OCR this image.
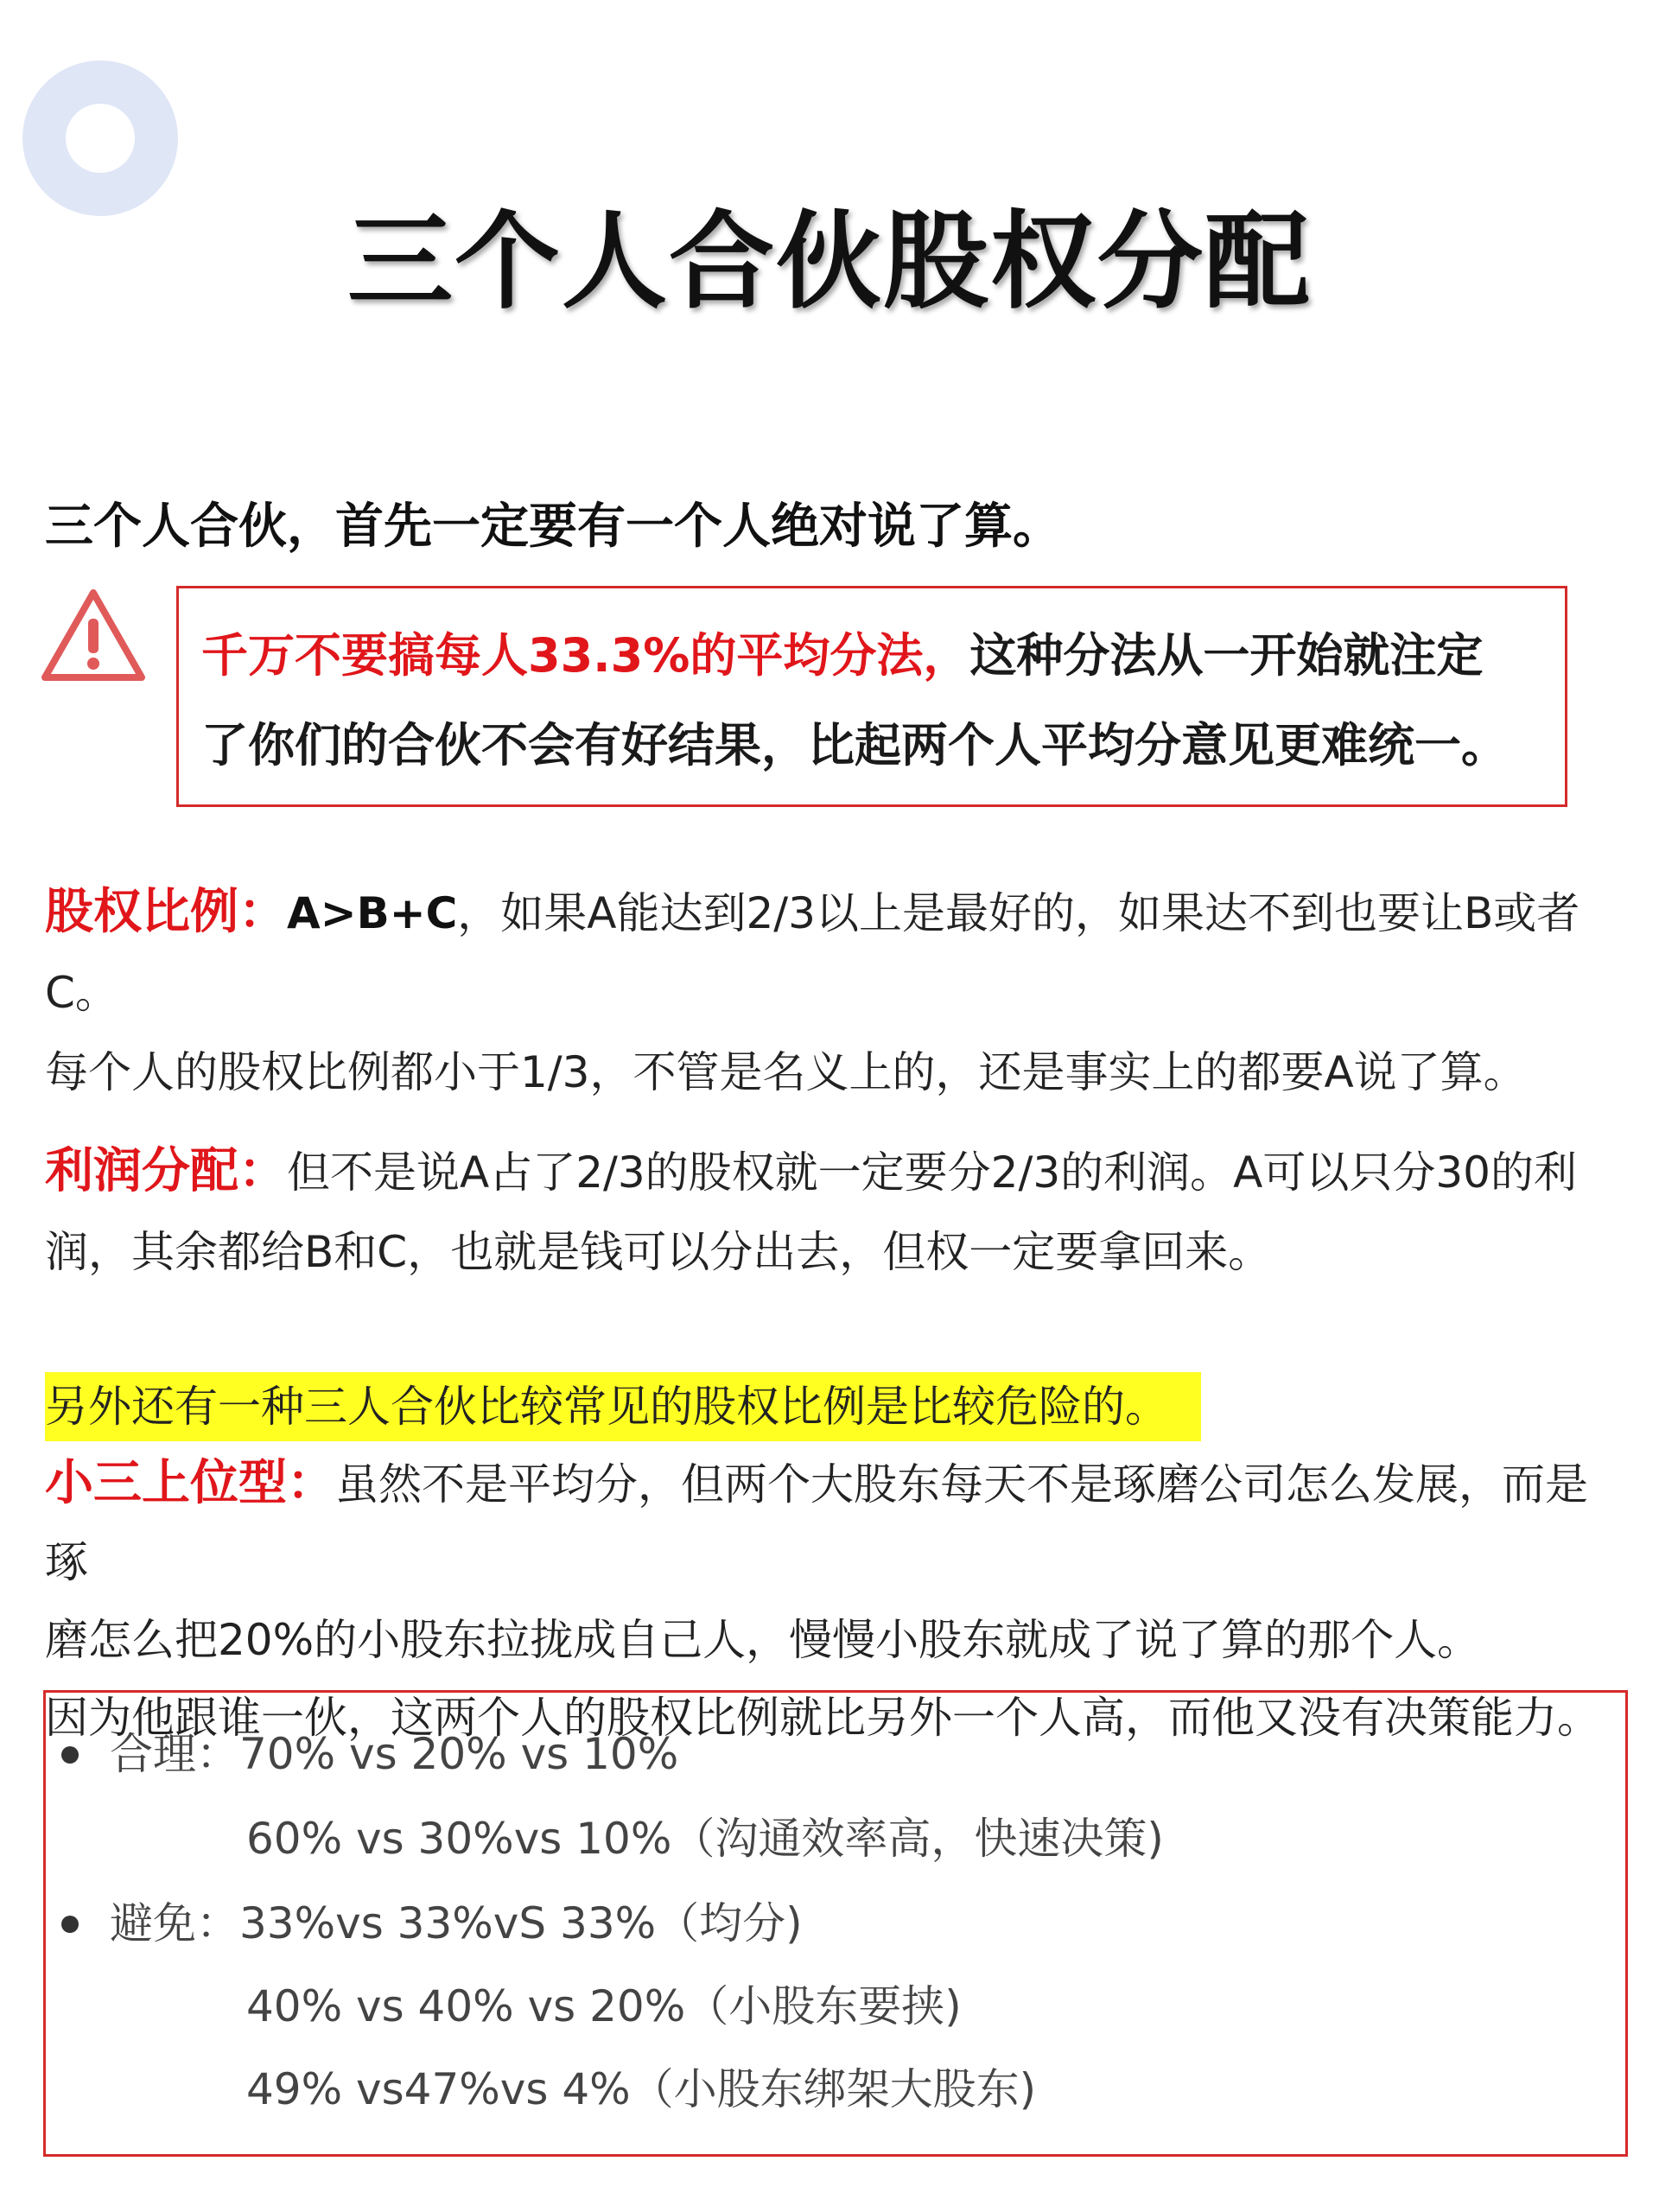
三个人合伙股权分配
三个人合伙，首先一定要有一个人绝对说了算。
千万不要搞每人33.3%的平均分法，这种分法从一开始就注定
了你们的合伙不会有好结果，比起两个人平均分意见更难统一。
股权比例：A>B+C，如果A能达到2/3以上是最好的，如果达不到也要让B或者C。
每个人的股权比例都小于1/3，不管是名义上的，还是事实上的都要A说了算。
利润分配：但不是说A占了2/3的股权就一定要分2/3的利润。A可以只分30的利
润，其余都给B和C，也就是钱可以分出去，但权一定要拿回来。
另外还有一种三人合伙比较常见的股权比例是比较危险的。
小三上位型：虽然不是平均分，但两个大股东每天不是琢磨公司怎么发展，而是琢
磨怎么把20%的小股东拉拢成自己人，慢慢小股东就成了说了算的那个人。
因为他跟谁一伙，这两个人的股权比例就比另外一个人高，而他又没有决策能力。
合理：70% vs 20% vs 10%
60% vs 30%vs 10%（沟通效率高，快速决策)
避免：33%vs 33%vS 33%（均分)
40% vs 40% vs 20%（小股东要挟)
49% vs47%vs 4%（小股东绑架大股东)
